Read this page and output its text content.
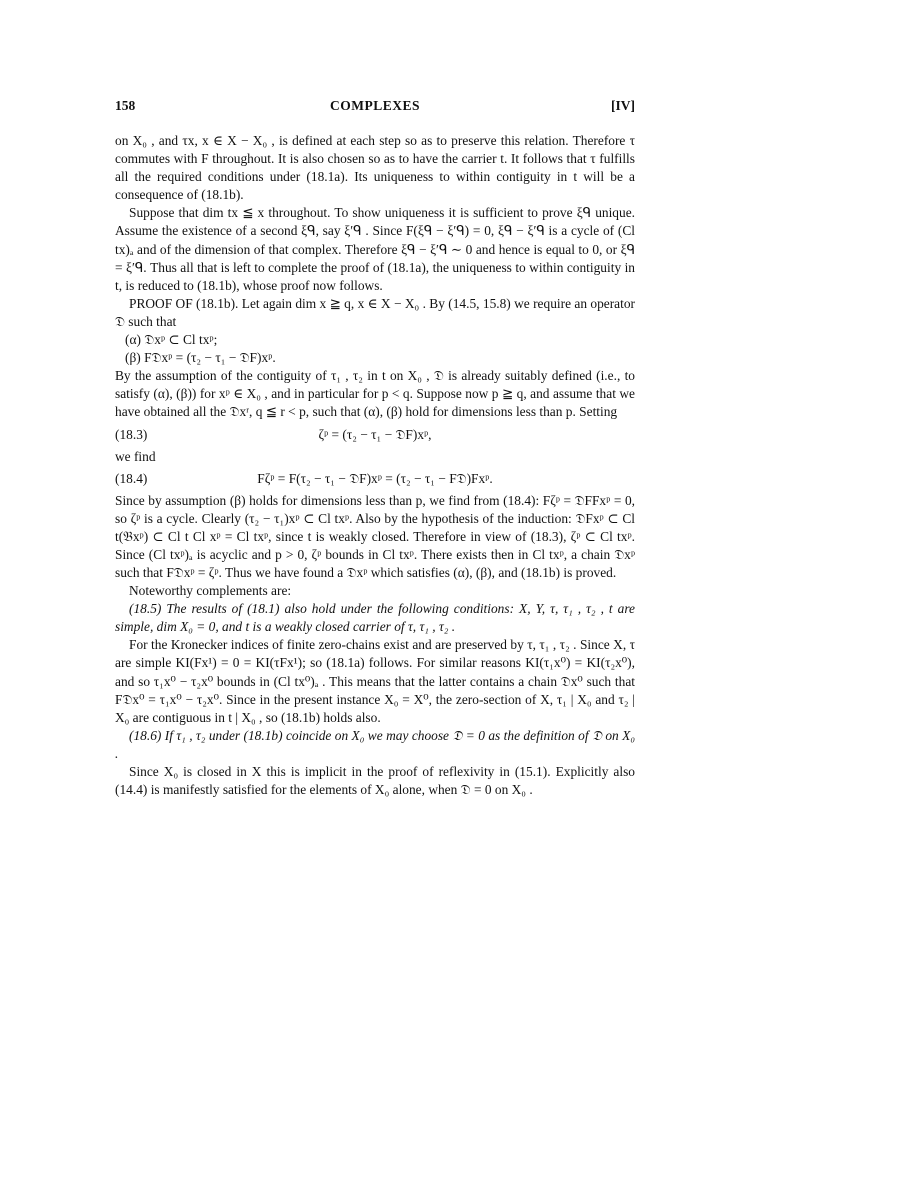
158	COMPLEXES	[IV]

on X₀ , and τx, x ∈ X − X₀ , is defined at each step so as to preserve this relation. Therefore τ commutes with F throughout. It is also chosen so as to have the carrier t. It follows that τ fulfills all the required conditions under (18.1a). Its uniqueness to within contiguity in t will be a consequence of (18.1b).

Suppose that dim tx ≦ x throughout. To show uniqueness it is sufficient to prove ξᑫ unique. Assume the existence of a second ξᑫ, say ξ′ᑫ . Since F(ξᑫ − ξ′ᑫ) = 0, ξᑫ − ξ′ᑫ is a cycle of (Cl tx)ₐ and of the dimension of that complex. Therefore ξᑫ − ξ′ᑫ ∼ 0 and hence is equal to 0, or ξᑫ = ξ′ᑫ. Thus all that is left to complete the proof of (18.1a), the uniqueness to within contiguity in t, is reduced to (18.1b), whose proof now follows.

PROOF OF (18.1b). Let again dim x ≧ q, x ∈ X − X₀ . By (14.5, 15.8) we require an operator 𝔇 such that

(α) 𝔇xᵖ ⊂ Cl txᵖ;

(β) F𝔇xᵖ = (τ₂ − τ₁ − 𝔇F)xᵖ.

By the assumption of the contiguity of τ₁ , τ₂ in t on X₀ , 𝔇 is already suitably defined (i.e., to satisfy (α), (β)) for xᵖ ∈ X₀ , and in particular for p < q. Suppose now p ≧ q, and assume that we have obtained all the 𝔇xʳ, q ≦ r < p, such that (α), (β) hold for dimensions less than p. Setting

(18.3)	ζᵖ = (τ₂ − τ₁ − 𝔇F)xᵖ,

we find

(18.4)	Fζᵖ = F(τ₂ − τ₁ − 𝔇F)xᵖ = (τ₂ − τ₁ − F𝔇)Fxᵖ.

Since by assumption (β) holds for dimensions less than p, we find from (18.4): Fζᵖ = 𝔇FFxᵖ = 0, so ζᵖ is a cycle. Clearly (τ₂ − τ₁)xᵖ ⊂ Cl txᵖ. Also by the hypothesis of the induction: 𝔇Fxᵖ ⊂ Cl t(𝔅xᵖ) ⊂ Cl t Cl xᵖ = Cl txᵖ, since t is weakly closed. Therefore in view of (18.3), ζᵖ ⊂ Cl txᵖ. Since (Cl txᵖ)ₐ is acyclic and p > 0, ζᵖ bounds in Cl txᵖ. There exists then in Cl txᵖ, a chain 𝔇xᵖ such that F𝔇xᵖ = ζᵖ. Thus we have found a 𝔇xᵖ which satisfies (α), (β), and (18.1b) is proved.

Noteworthy complements are:

(18.5) The results of (18.1) also hold under the following conditions: X, Y, τ, τ₁ , τ₂ , t are simple, dim X₀ = 0, and t is a weakly closed carrier of τ, τ₁ , τ₂ .

For the Kronecker indices of finite zero-chains exist and are preserved by τ, τ₁ , τ₂ . Since X, τ are simple KI(Fx¹) = 0 = KI(τFx¹); so (18.1a) follows. For similar reasons KI(τ₁x⁰) = KI(τ₂x⁰), and so τ₁x⁰ − τ₂x⁰ bounds in (Cl tx⁰)ₐ . This means that the latter contains a chain 𝔇x⁰ such that F𝔇x⁰ = τ₁x⁰ − τ₂x⁰. Since in the present instance X₀ = X⁰, the zero-section of X, τ₁ | X₀ and τ₂ | X₀ are contiguous in t | X₀ , so (18.1b) holds also.

(18.6) If τ₁ , τ₂ under (18.1b) coincide on X₀ we may choose 𝔇 = 0 as the definition of 𝔇 on X₀ .

Since X₀ is closed in X this is implicit in the proof of reflexivity in (15.1). Explicitly also (14.4) is manifestly satisfied for the elements of X₀ alone, when 𝔇 = 0 on X₀ .
